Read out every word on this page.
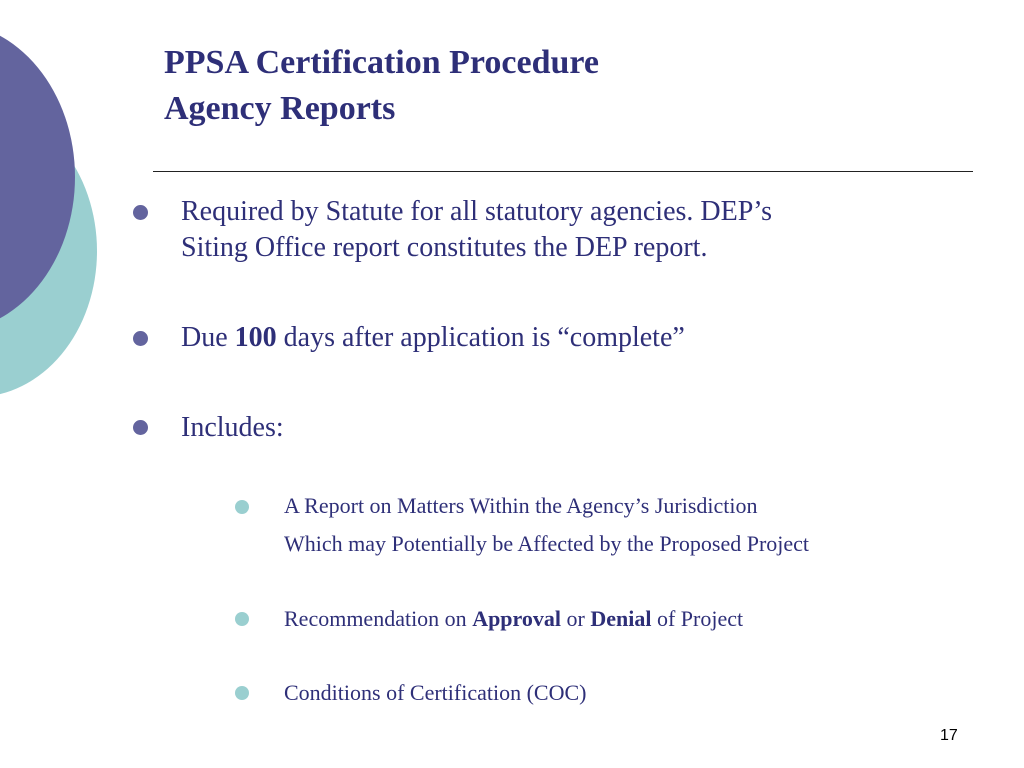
PPSA Certification Procedure
Agency Reports
Required by Statute for all statutory agencies. DEP’s
Siting Office report constitutes the DEP report.
Due 100 days after application is “complete”
Includes:
A Report on Matters Within the Agency’s Jurisdiction
Which may Potentially be Affected by the Proposed Project
Recommendation on Approval or Denial of Project
Conditions of Certification (COC)
17
